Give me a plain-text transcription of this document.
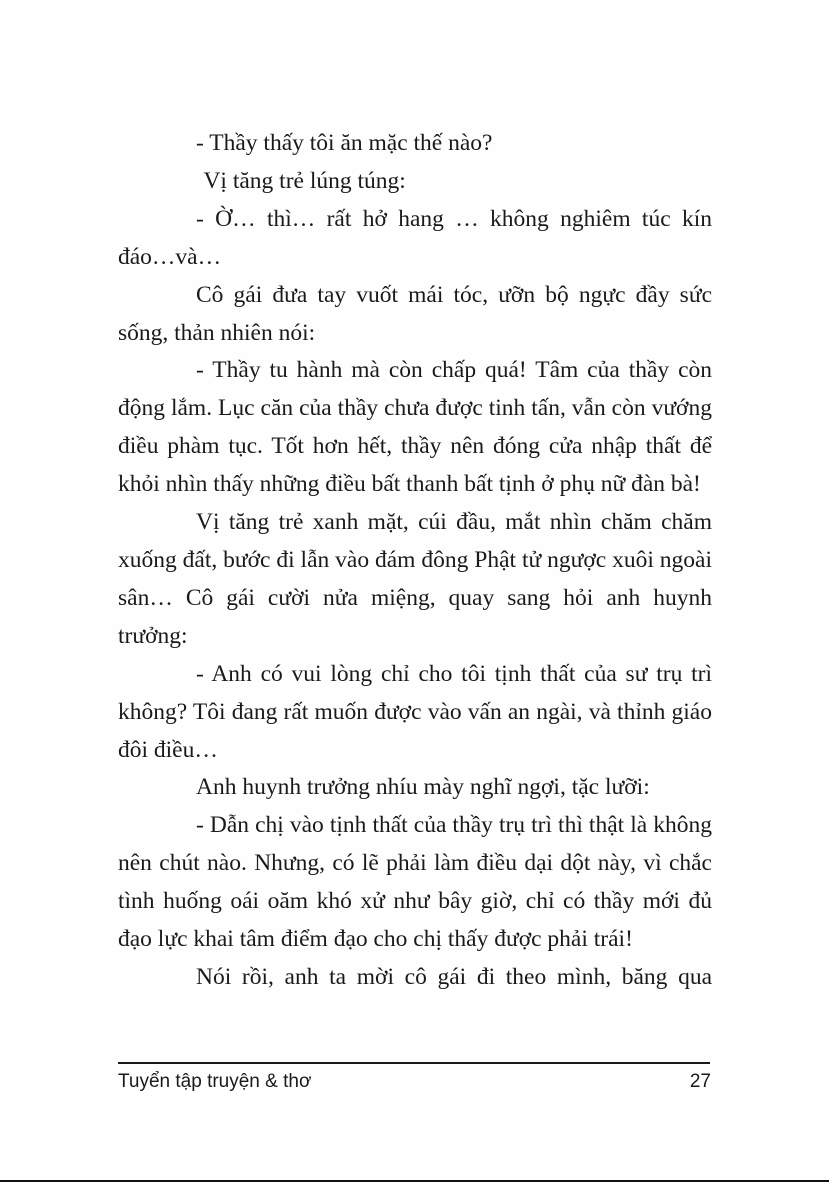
- Thầy thấy tôi ăn mặc thế nào?

Vị tăng trẻ lúng túng:

- Ờ… thì… rất hở hang … không nghiêm túc kín đáo…và…

Cô gái đưa tay vuốt mái tóc, ưỡn bộ ngực đầy sức sống, thản nhiên nói:

- Thầy tu hành mà còn chấp quá! Tâm của thầy còn động lắm. Lục căn của thầy chưa được tinh tấn, vẫn còn vướng điều phàm tục. Tốt hơn hết, thầy nên đóng cửa nhập thất để khỏi nhìn thấy những điều bất thanh bất tịnh ở phụ nữ đàn bà!

Vị tăng trẻ xanh mặt, cúi đầu, mắt nhìn chăm chăm xuống đất, bước đi lẫn vào đám đông Phật tử ngược xuôi ngoài sân… Cô gái cười nửa miệng, quay sang hỏi anh huynh trưởng:

- Anh có vui lòng chỉ cho tôi tịnh thất của sư trụ trì không? Tôi đang rất muốn được vào vấn an ngài, và thỉnh giáo đôi điều…

Anh huynh trưởng nhíu mày nghĩ ngợi, tặc lưỡi:

- Dẫn chị vào tịnh thất của thầy trụ trì thì thật là không nên chút nào. Nhưng, có lẽ phải làm điều dại dột này, vì chắc tình huống oái oăm khó xử như bây giờ, chỉ có thầy mới đủ đạo lực khai tâm điểm đạo cho chị thấy được phải trái!

Nói rồi, anh ta mời cô gái đi theo mình, băng qua

Tuyển tập truyện & thơ	27
